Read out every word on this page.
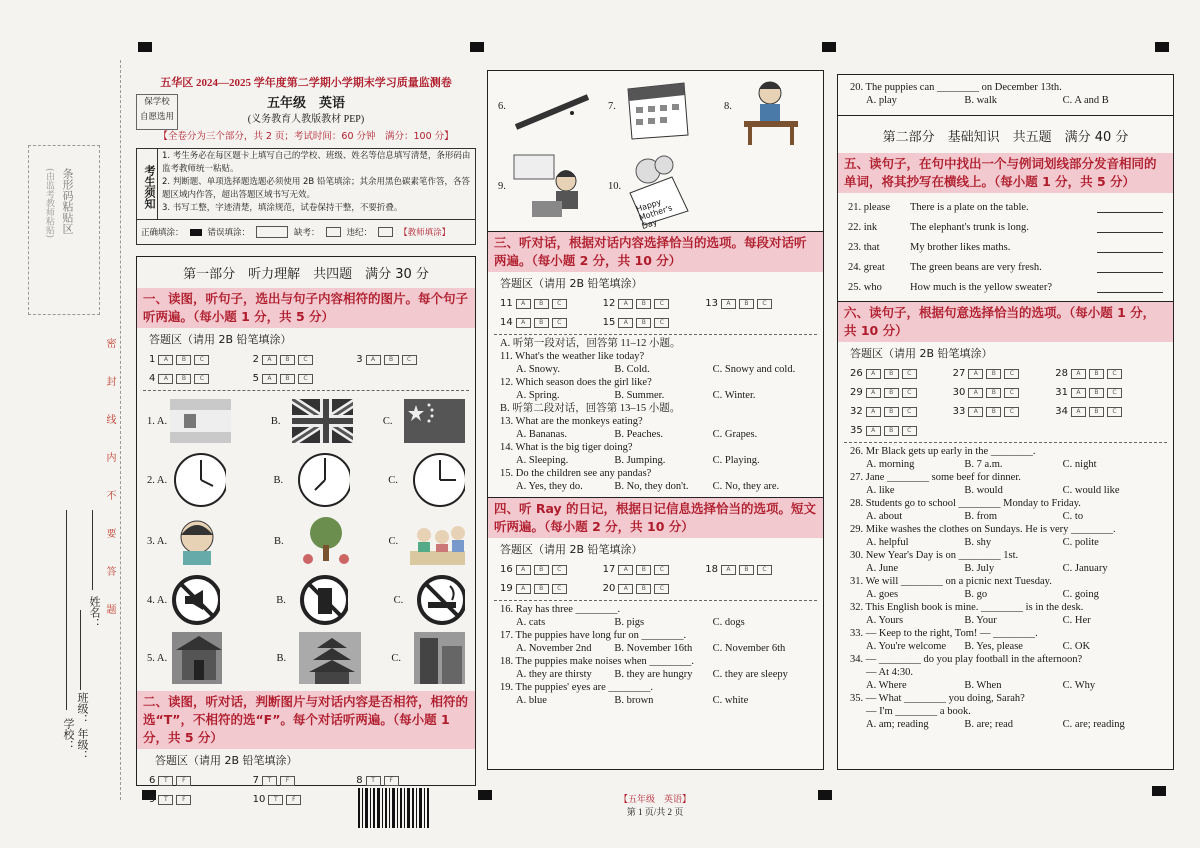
条形码粘贴区
(由监考教师粘贴)
密　封　线　内　不　要　答　题
姓名：
班级：
学校： 年级：
五华区 2024—2025 学年度第二学期小学期末学习质量监测卷
保学校
自愿选用
五年级　英语
(义务教育人教版教材 PEP)
【全卷分为三个部分，共 2 页；考试时间：60 分钟　满分：100 分】
考生须知
1. 考生务必在每区题卡上填写自己的学校、班级、姓名等信息填写清楚，条形码由监考教师统一粘贴。
2. 判断题、单项选择题选题必须使用 2B 铅笔填涂；其余用黑色碳素笔作答，各答题区域内作答，超出答题区域书写无效。
3. 书写工整，字迹清楚，填涂规范，试卷保持干整，不要折叠。
正确填涂：	错误填涂：	缺考：	违纪：	【教师填涂】
第一部分　听力理解　共四题　满分 30 分
一、读图，听句子，选出与句子内容相符的图片。每个句子听两遍。（每小题 1 分，共 5 分）
答题区（请用 2B 铅笔填涂）
1	A	B	C	2	A	B	C	3	A	B	C
4	A	B	C	5	A	B	C
1. A.	B.	C.
2. A.	B.	C.
3. A.	B.	C.
4. A.	B.	C.
5. A.	B.	C.
二、读图，听对话，判断图片与对话内容是否相符，相符的选“T”，不相符的选“F”。每个对话听两遍。（每小题 1 分，共 5 分）
答题区（请用 2B 铅笔填涂）
6	T	F	7	T	F	8	T	F
9	T	F	10	T	F
6.	7.	8.
9.	10.
Happy Mother's Day
三、听对话，根据对话内容选择恰当的选项。每段对话听两遍。（每小题 2 分，共 10 分）
答题区（请用 2B 铅笔填涂）
11	A	B	C	12	A	B	C	13	A	B	C
14	A	B	C	15	A	B	C
A. 听第一段对话，回答第 11–12 小题。
11. What's the weather like today?
A. Snowy.	B. Cold.	C. Snowy and cold.
12. Which season does the girl like?
A. Spring.	B. Summer.	C. Winter.
B. 听第二段对话，回答第 13–15 小题。
13. What are the monkeys eating?
A. Bananas.	B. Peaches.	C. Grapes.
14. What is the big tiger doing?
A. Sleeping.	B. Jumping.	C. Playing.
15. Do the children see any pandas?
A. Yes, they do.	B. No, they don't.	C. No, they are.
四、听 Ray 的日记，根据日记信息选择恰当的选项。短文听两遍。（每小题 2 分，共 10 分）
答题区（请用 2B 铅笔填涂）
16	A	B	C	17	A	B	C	18	A	B	C
19	A	B	C	20	A	B	C
16. Ray has three ________.
A. cats	B. pigs	C. dogs
17. The puppies have long fur on ________.
A. November 2nd	B. November 16th	C. November 6th
18. The puppies make noises when ________.
A. they are thirsty	B. they are hungry	C. they are sleepy
19. The puppies' eyes are ________.
A. blue	B. brown	C. white
【五年级　英语】
第 1 页/共 2 页
20. The puppies can ________ on December 13th.
A. play	B. walk	C. A and B
第二部分　基础知识　共五题　满分 40 分
五、读句子，在句中找出一个与例词划线部分发音相同的单词，将其抄写在横线上。（每小题 1 分，共 5 分）
21. please	There is a plate on the table.
22. ink	The elephant's trunk is long.
23. that	My brother likes maths.
24. great	The green beans are very fresh.
25. who	How much is the yellow sweater?
六、读句子，根据句意选择恰当的选项。（每小题 1 分，共 10 分）
答题区（请用 2B 铅笔填涂）
26	A	B	C	27	A	B	C	28	A	B	C
29	A	B	C	30	A	B	C	31	A	B	C
32	A	B	C	33	A	B	C	34	A	B	C
35	A	B	C
26. Mr Black gets up early in the ________.
A. morning	B. 7 a.m.	C. night
27. Jane ________ some beef for dinner.
A. like	B. would	C. would like
28. Students go to school ________ Monday to Friday.
A. about	B. from	C. to
29. Mike washes the clothes on Sundays. He is very ________.
A. helpful	B. shy	C. polite
30. New Year's Day is on ________ 1st.
A. June	B. July	C. January
31. We will ________ on a picnic next Tuesday.
A. goes	B. go	C. going
32. This English book is mine. ________ is in the desk.
A. Yours	B. Your	C. Her
33. — Keep to the right, Tom! — ________.
A. You're welcome	B. Yes, please	C. OK
34. — ________ do you play football in the afternoon?
— At 4:30.
A. Where	B. When	C. Why
35. — What ________ you doing, Sarah?
— I'm ________ a book.
A. am; reading	B. are; read	C. are; reading
